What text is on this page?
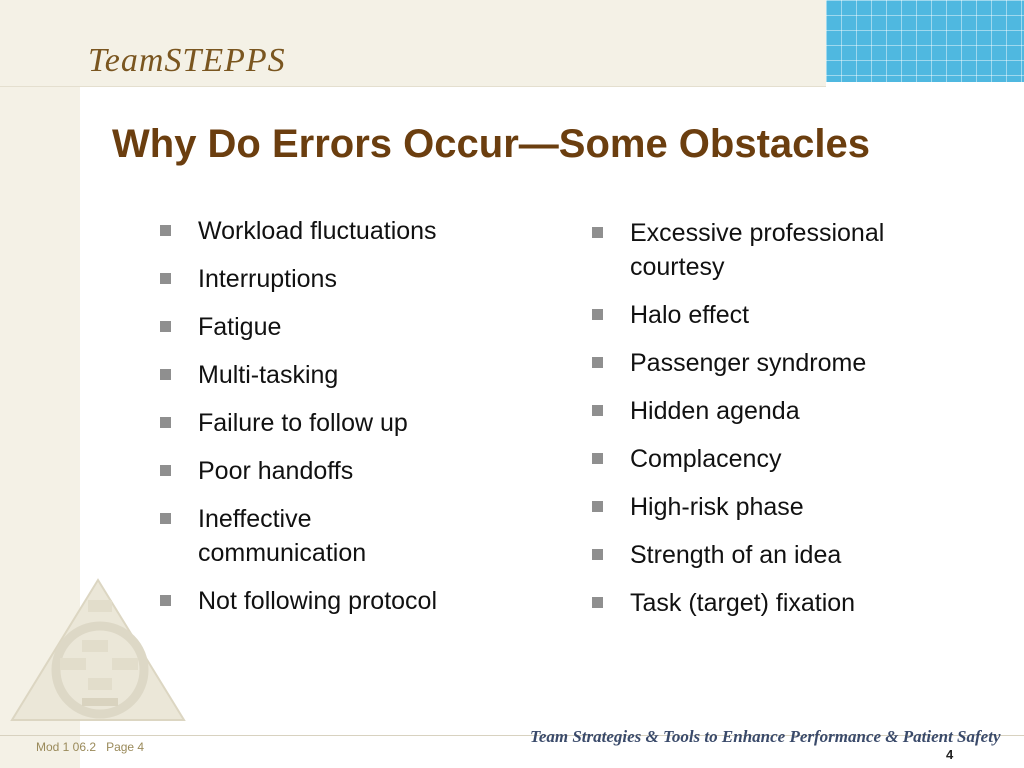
TeamSTEPPS
Why Do Errors Occur—Some Obstacles
Workload fluctuations
Interruptions
Fatigue
Multi-tasking
Failure to follow up
Poor handoffs
Ineffective communication
Not following protocol
Excessive professional courtesy
Halo effect
Passenger syndrome
Hidden agenda
Complacency
High-risk phase
Strength of an idea
Task (target) fixation
Mod 1 06.2 Page 4
Team Strategies & Tools to Enhance Performance & Patient Safety
4
